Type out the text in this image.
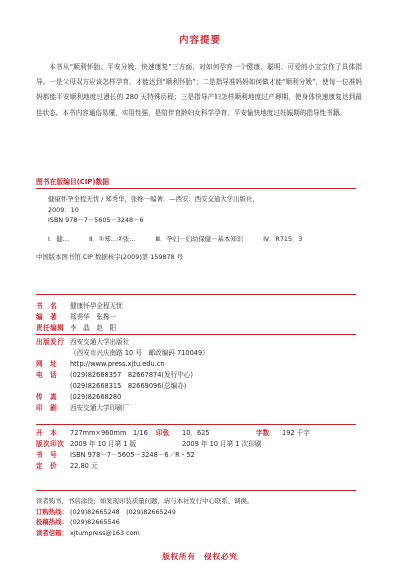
内容提要
本书从“顺利怀胎、平安分娩、快速康复”三方面，对如何孕育一个健康、聪明、可爱的小宝宝作了具体指导。一是父母双方应该怎样孕育，才能达到“顺利怀胎”；二是指导准妈妈如何做才能“顺利分娩”，使每一位准妈妈都能平安顺利地度过漫长的 280 天特殊历程；三是指导产妇怎样顺利地度过产褥期，使身体快速康复达到最佳状态。本书内容通俗易懂，实用性强，是陪伴育龄妇女科学孕育、平安愉快地度过妊娠期的指导性书籍。
图书在版编目(CIP)数据
健康怀孕全程无忧 / 郑秀华，张搀一编著．—西安：西安交通大学出版社，
2009．10
ISBN 978－7－5605－3248－6
Ⅰ．健…	Ⅱ．①郑…②张…	Ⅲ．孕妇－妇幼保健－基本知识	Ⅳ．R715．3
中国版本图书馆 CIP 数据核字(2009)第 159878 号
书　名	健康怀孕全程无忧
编　著	郑秀华　张搀一
责任编辑 李　晶　赵　阳
出版发行 西安交通大学出版社
（西安市兴庆南路 10 号　邮政编码 710049）
网　址	http://www.press.xjtu.edu.cn
电　话	(029)82668357　82667874(发行中心)
(029)82668315　82669096(总编办)
传　真	(029)82668280
印　刷	西安交通大学印刷厂
开　本	727mm×960mm　1/16	印张	10．625	字数	192 千字
版次印次 2009 年 10 月第 1 版	2009 年 10 月第 1 次印刷
书　号	ISBN 978－7－5605－3248－6／R・52
定　价	22.80 元
读者购书，书店添货，如发现印装质量问题，请与本社发行中心联系、调换。
订购热线： (029)82665248　(029)82665249
投稿热线： (029)82665546
读者信箱： xjtumpress@163.com
版权所有　侵权必究
